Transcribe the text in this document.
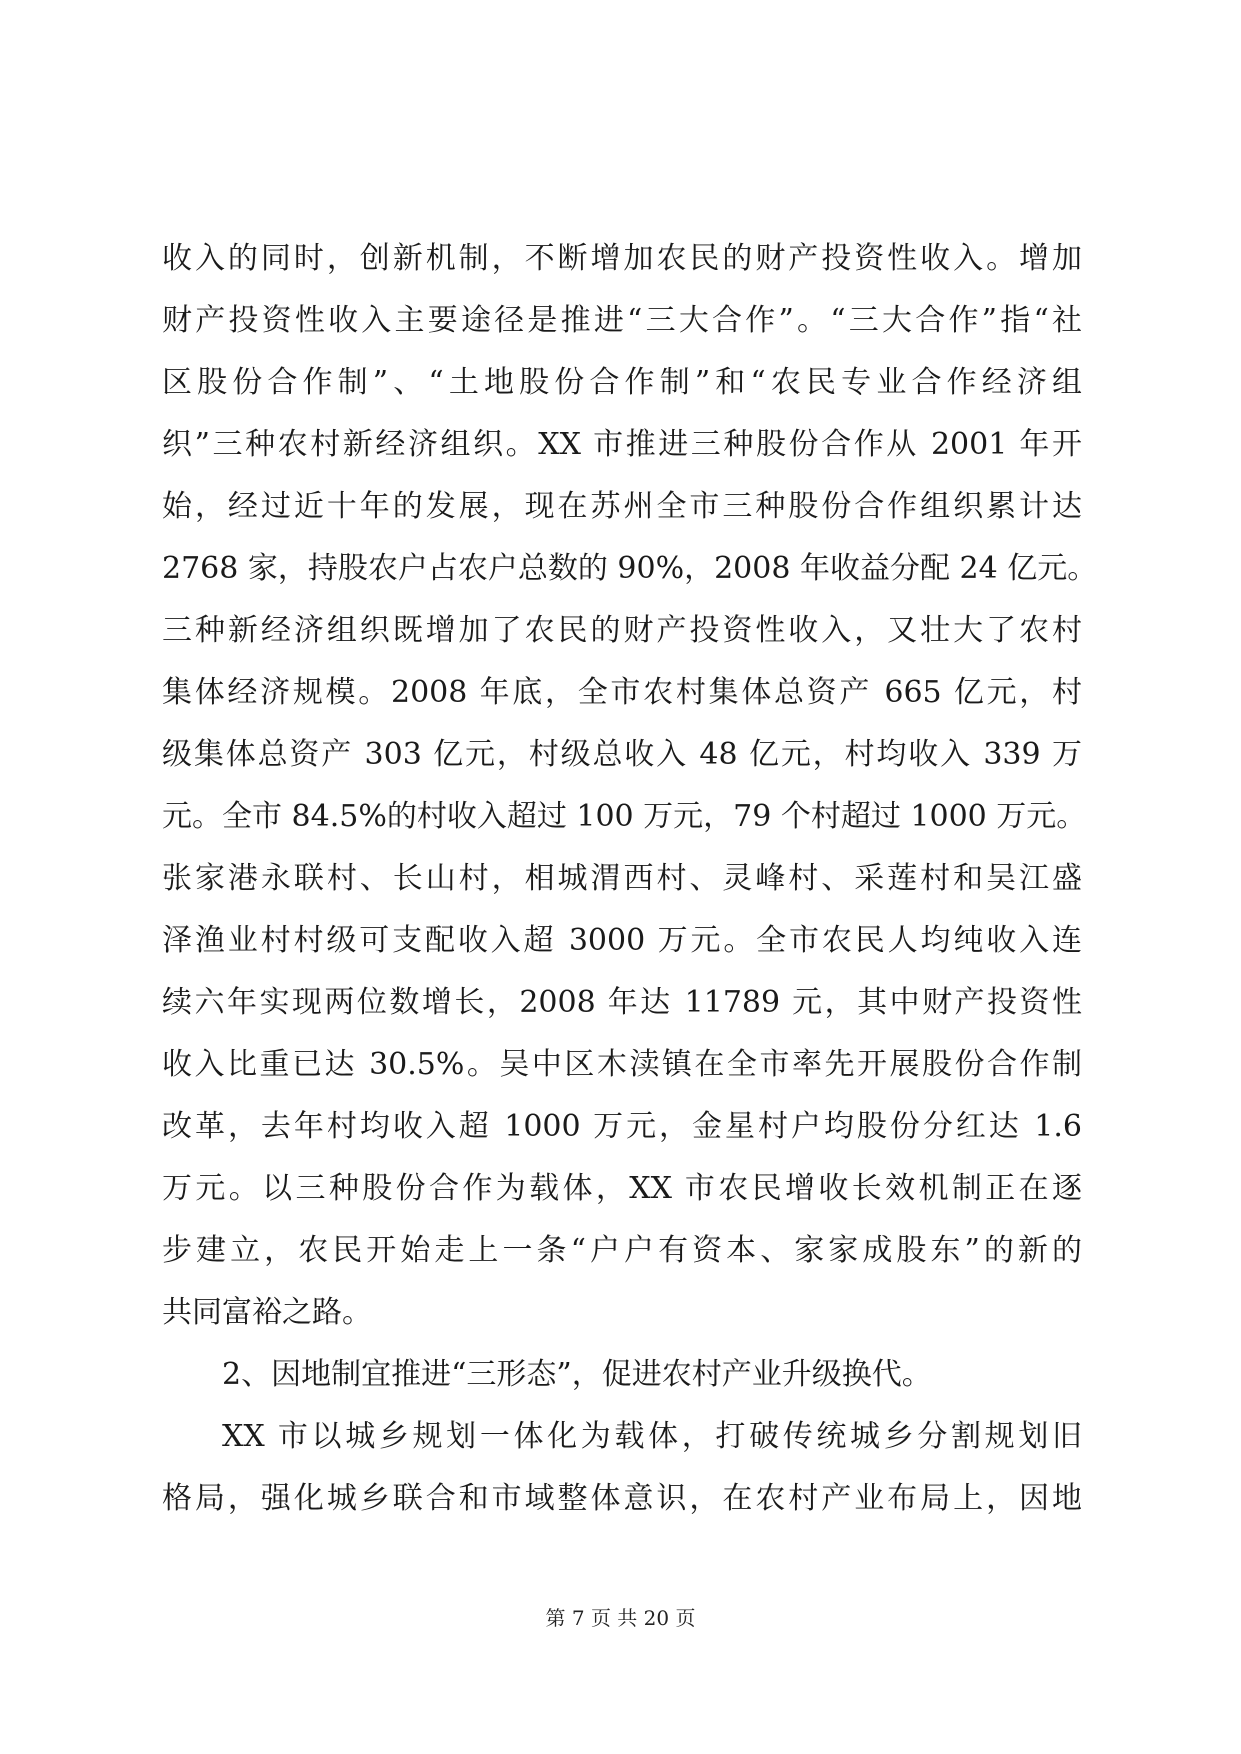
收入的同时，创新机制，不断增加农民的财产投资性收入。增加
财产投资性收入主要途径是推进“三大合作”。“三大合作”指“社
区股份合作制”、“土地股份合作制”和“农民专业合作经济组
织”三种农村新经济组织。XX 市推进三种股份合作从 2001 年开
始，经过近十年的发展，现在苏州全市三种股份合作组织累计达
2768 家，持股农户占农户总数的 90%，2008 年收益分配 24 亿元。
三种新经济组织既增加了农民的财产投资性收入，又壮大了农村
集体经济规模。2008 年底，全市农村集体总资产 665 亿元，村
级集体总资产 303 亿元，村级总收入 48 亿元，村均收入 339 万
元。全市 84.5%的村收入超过 100 万元，79 个村超过 1000 万元。
张家港永联村、长山村，相城渭西村、灵峰村、采莲村和吴江盛
泽渔业村村级可支配收入超 3000 万元。全市农民人均纯收入连
续六年实现两位数增长，2008 年达 11789 元，其中财产投资性
收入比重已达 30.5%。吴中区木渎镇在全市率先开展股份合作制
改革，去年村均收入超 1000 万元，金星村户均股份分红达 1.6
万元。以三种股份合作为载体，XX 市农民增收长效机制正在逐
步建立，农民开始走上一条“户户有资本、家家成股东”的新的
共同富裕之路。
2、因地制宜推进“三形态”，促进农村产业升级换代。
XX 市以城乡规划一体化为载体，打破传统城乡分割规划旧
格局，强化城乡联合和市域整体意识，在农村产业布局上，因地
第 7 页 共 20 页
